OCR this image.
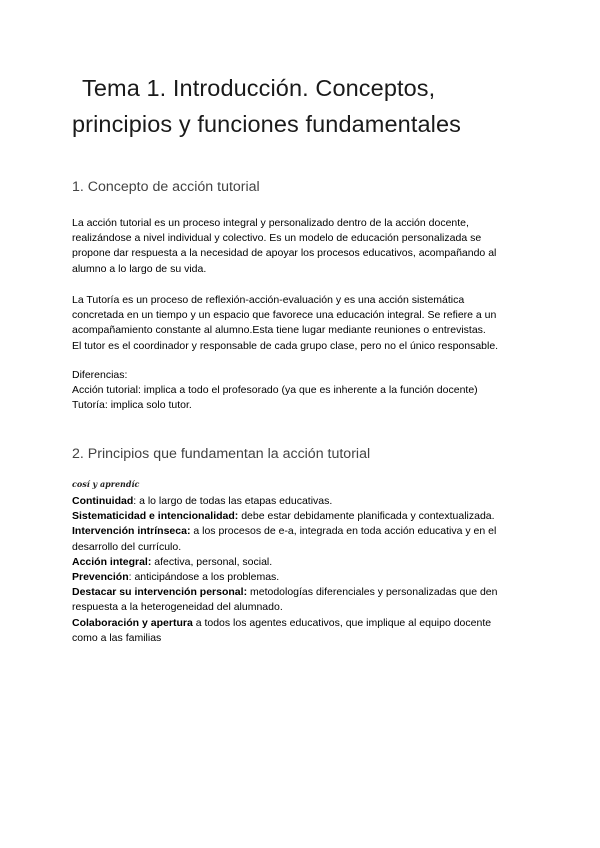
Tema 1. Introducción. Conceptos,
principios y funciones fundamentales
1. Concepto de acción tutorial
La acción tutorial es un proceso integral y personalizado dentro de la acción docente,
realizándose a nivel individual y colectivo. Es un modelo de educación personalizada se
propone dar respuesta a la necesidad de apoyar los procesos educativos, acompañando al
alumno a lo largo de su vida.
La Tutoría es un proceso de reflexión-acción-evaluación y es una acción sistemática
concretada en un tiempo y un espacio que favorece una educación integral. Se refiere a un
acompañamiento constante al alumno.Esta tiene lugar mediante reuniones o entrevistas.
El tutor es el coordinador y responsable de cada grupo clase, pero no el único responsable.
Diferencias:
Acción tutorial: implica a todo el profesorado (ya que es inherente a la función docente)
Tutoría: implica solo tutor.
2. Principios que fundamentan la acción tutorial

cosí y aprendíc

Continuidad: a lo largo de todas las etapas educativas.
Sistematicidad e intencionalidad: debe estar debidamente planificada y contextualizada.
Intervención intrínseca: a los procesos de e-a, integrada en toda acción educativa y en el
desarrollo del currículo.
Acción integral: afectiva, personal, social.
Prevención: anticipándose a los problemas.
Destacar su intervención personal: metodologías diferenciales y personalizadas que den
respuesta a la heterogeneidad del alumnado.
Colaboración y apertura a todos los agentes educativos, que implique al equipo docente
como a las familias
